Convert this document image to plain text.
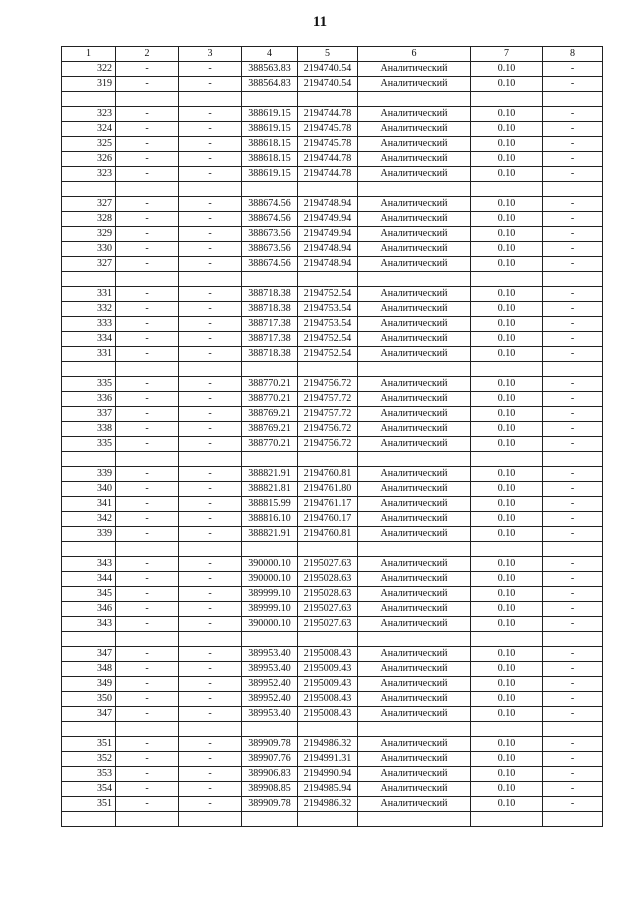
11
1	2	3	4	5	6	7	8
322	-	-	388563.83	2194740.54	Аналитический	0.10	-
319	-	-	388564.83	2194740.54	Аналитический	0.10	-

323	-	-	388619.15	2194744.78	Аналитический	0.10	-
324	-	-	388619.15	2194745.78	Аналитический	0.10	-
325	-	-	388618.15	2194745.78	Аналитический	0.10	-
326	-	-	388618.15	2194744.78	Аналитический	0.10	-
323	-	-	388619.15	2194744.78	Аналитический	0.10	-

327	-	-	388674.56	2194748.94	Аналитический	0.10	-
328	-	-	388674.56	2194749.94	Аналитический	0.10	-
329	-	-	388673.56	2194749.94	Аналитический	0.10	-
330	-	-	388673.56	2194748.94	Аналитический	0.10	-
327	-	-	388674.56	2194748.94	Аналитический	0.10	-

331	-	-	388718.38	2194752.54	Аналитический	0.10	-
332	-	-	388718.38	2194753.54	Аналитический	0.10	-
333	-	-	388717.38	2194753.54	Аналитический	0.10	-
334	-	-	388717.38	2194752.54	Аналитический	0.10	-
331	-	-	388718.38	2194752.54	Аналитический	0.10	-

335	-	-	388770.21	2194756.72	Аналитический	0.10	-
336	-	-	388770.21	2194757.72	Аналитический	0.10	-
337	-	-	388769.21	2194757.72	Аналитический	0.10	-
338	-	-	388769.21	2194756.72	Аналитический	0.10	-
335	-	-	388770.21	2194756.72	Аналитический	0.10	-

339	-	-	388821.91	2194760.81	Аналитический	0.10	-
340	-	-	388821.81	2194761.80	Аналитический	0.10	-
341	-	-	388815.99	2194761.17	Аналитический	0.10	-
342	-	-	388816.10	2194760.17	Аналитический	0.10	-
339	-	-	388821.91	2194760.81	Аналитический	0.10	-

343	-	-	390000.10	2195027.63	Аналитический	0.10	-
344	-	-	390000.10	2195028.63	Аналитический	0.10	-
345	-	-	389999.10	2195028.63	Аналитический	0.10	-
346	-	-	389999.10	2195027.63	Аналитический	0.10	-
343	-	-	390000.10	2195027.63	Аналитический	0.10	-

347	-	-	389953.40	2195008.43	Аналитический	0.10	-
348	-	-	389953.40	2195009.43	Аналитический	0.10	-
349	-	-	389952.40	2195009.43	Аналитический	0.10	-
350	-	-	389952.40	2195008.43	Аналитический	0.10	-
347	-	-	389953.40	2195008.43	Аналитический	0.10	-

351	-	-	389909.78	2194986.32	Аналитический	0.10	-
352	-	-	389907.76	2194991.31	Аналитический	0.10	-
353	-	-	389906.83	2194990.94	Аналитический	0.10	-
354	-	-	389908.85	2194985.94	Аналитический	0.10	-
351	-	-	389909.78	2194986.32	Аналитический	0.10	-
